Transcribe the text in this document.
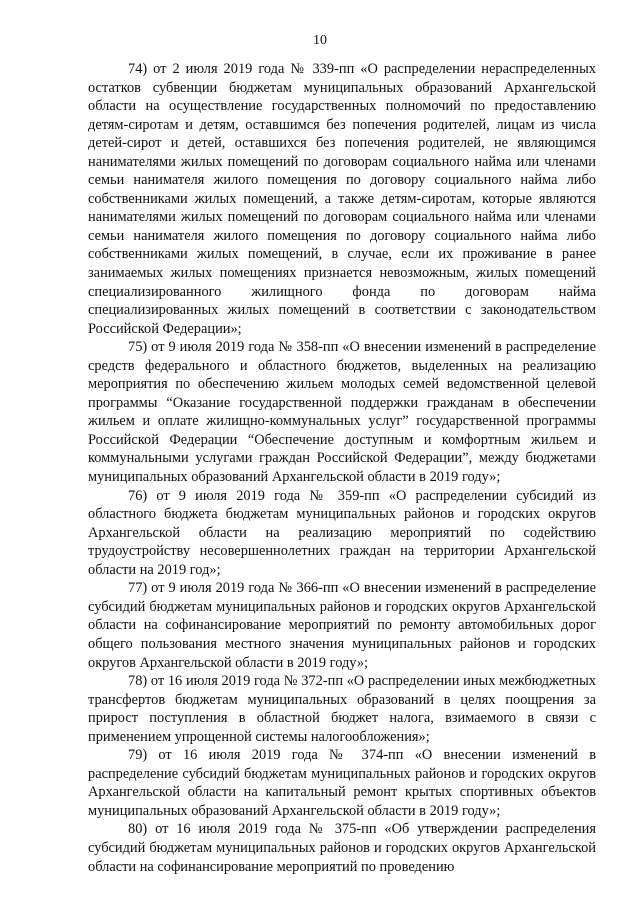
10

74) от 2 июля 2019 года № 339-пп «О распределении нераспределенных остатков субвенции бюджетам муниципальных образований Архангельской области на осуществление государственных полномочий по предоставлению детям-сиротам и детям, оставшимся без попечения родителей, лицам из числа детей-сирот и детей, оставшихся без попечения родителей, не являющимся нанимателями жилых помещений по договорам социального найма или членами семьи нанимателя жилого помещения по договору социального найма либо собственниками жилых помещений, а также детям-сиротам, которые являются нанимателями жилых помещений по договорам социального найма или членами семьи нанимателя жилого помещения по договору социального найма либо собственниками жилых помещений, в случае, если их проживание в ранее занимаемых жилых помещениях признается невозможным, жилых помещений специализированного жилищного фонда по договорам найма специализированных жилых помещений в соответствии с законодательством Российской Федерации»;

75) от 9 июля 2019 года № 358-пп «О внесении изменений в распределение средств федерального и областного бюджетов, выделенных на реализацию мероприятия по обеспечению жильем молодых семей ведомственной целевой программы “Оказание государственной поддержки гражданам в обеспечении жильем и оплате жилищно-коммунальных услуг” государственной программы Российской Федерации “Обеспечение доступным и комфортным жильем и коммунальными услугами граждан Российской Федерации”, между бюджетами муниципальных образований Архангельской области в 2019 году»;

76) от 9 июля 2019 года № 359-пп «О распределении субсидий из областного бюджета бюджетам муниципальных районов и городских округов Архангельской области на реализацию мероприятий по содействию трудоустройству несовершеннолетних граждан на территории Архангельской области на 2019 год»;

77) от 9 июля 2019 года № 366-пп «О внесении изменений в распределение субсидий бюджетам муниципальных районов и городских округов Архангельской области на софинансирование мероприятий по ремонту автомобильных дорог общего пользования местного значения муниципальных районов и городских округов Архангельской области в 2019 году»;

78) от 16 июля 2019 года № 372-пп «О распределении иных межбюджетных трансфертов бюджетам муниципальных образований в целях поощрения за прирост поступления в областной бюджет налога, взимаемого в связи с применением упрощенной системы налогообложения»;

79) от 16 июля 2019 года № 374-пп «О внесении изменений в распределение субсидий бюджетам муниципальных районов и городских округов Архангельской области на капитальный ремонт крытых спортивных объектов муниципальных образований Архангельской области в 2019 году»;

80) от 16 июля 2019 года № 375-пп «Об утверждении распределения субсидий бюджетам муниципальных районов и городских округов Архангельской области на софинансирование мероприятий по проведению
